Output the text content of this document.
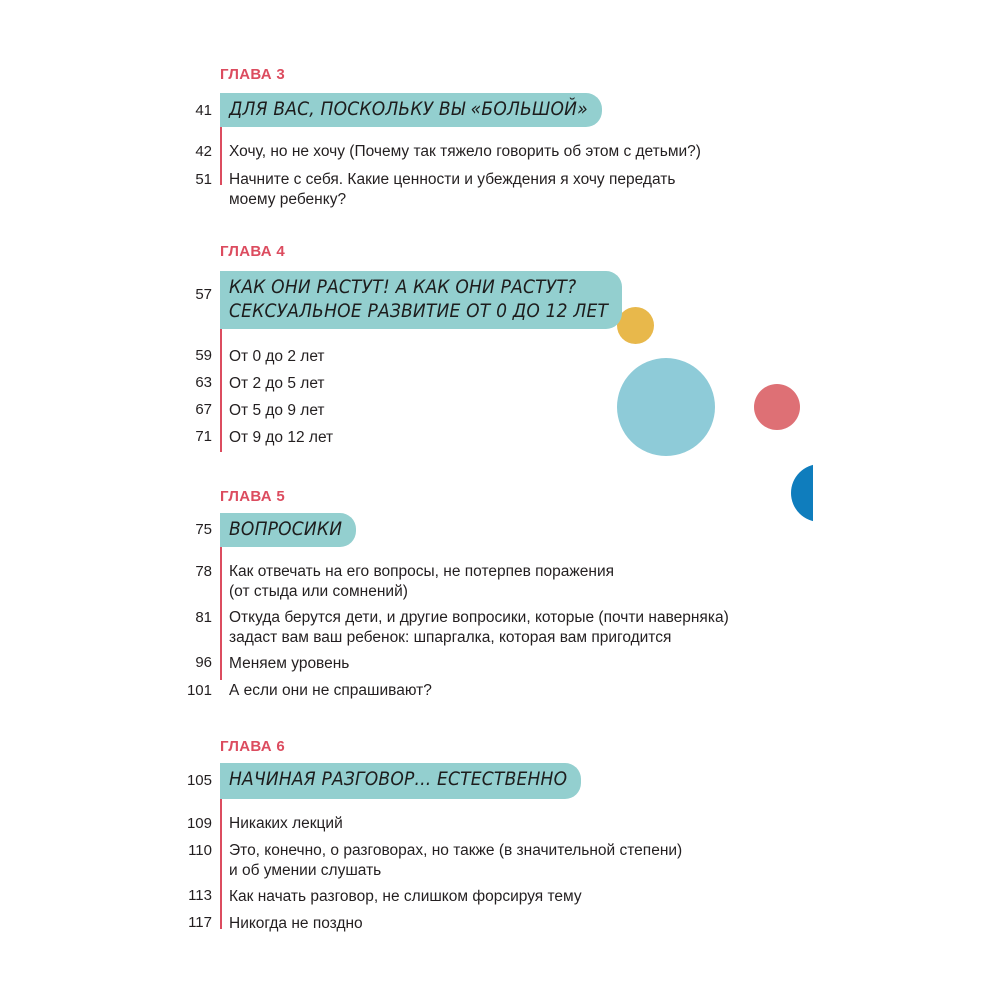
ГЛАВА 3
41 ДЛЯ ВАС, ПОСКОЛЬКУ ВЫ «БОЛЬШОЙ»
42 Хочу, но не хочу (Почему так тяжело говорить об этом с детьми?)
51 Начните с себя. Какие ценности и убеждения я хочу передать
моему ребенку?
ГЛАВА 4
57 КАК ОНИ РАСТУТ! А КАК ОНИ РАСТУТ?
СЕКСУАЛЬНОЕ РАЗВИТИЕ ОТ 0 ДО 12 ЛЕТ
59 От 0 до 2 лет
63 От 2 до 5 лет
67 От 5 до 9 лет
71 От 9 до 12 лет
ГЛАВА 5
75 ВОПРОСИКИ
78 Как отвечать на его вопросы, не потерпев поражения
(от стыда или сомнений)
81 Откуда берутся дети, и другие вопросики, которые (почти наверняка)
задаст вам ваш ребенок: шпаргалка, которая вам пригодится
96 Меняем уровень
101 А если они не спрашивают?
ГЛАВА 6
105 НАЧИНАЯ РАЗГОВОР... ЕСТЕСТВЕННО
109 Никаких лекций
110 Это, конечно, о разговорах, но также (в значительной степени)
и об умении слушать
113 Как начать разговор, не слишком форсируя тему
117 Никогда не поздно
